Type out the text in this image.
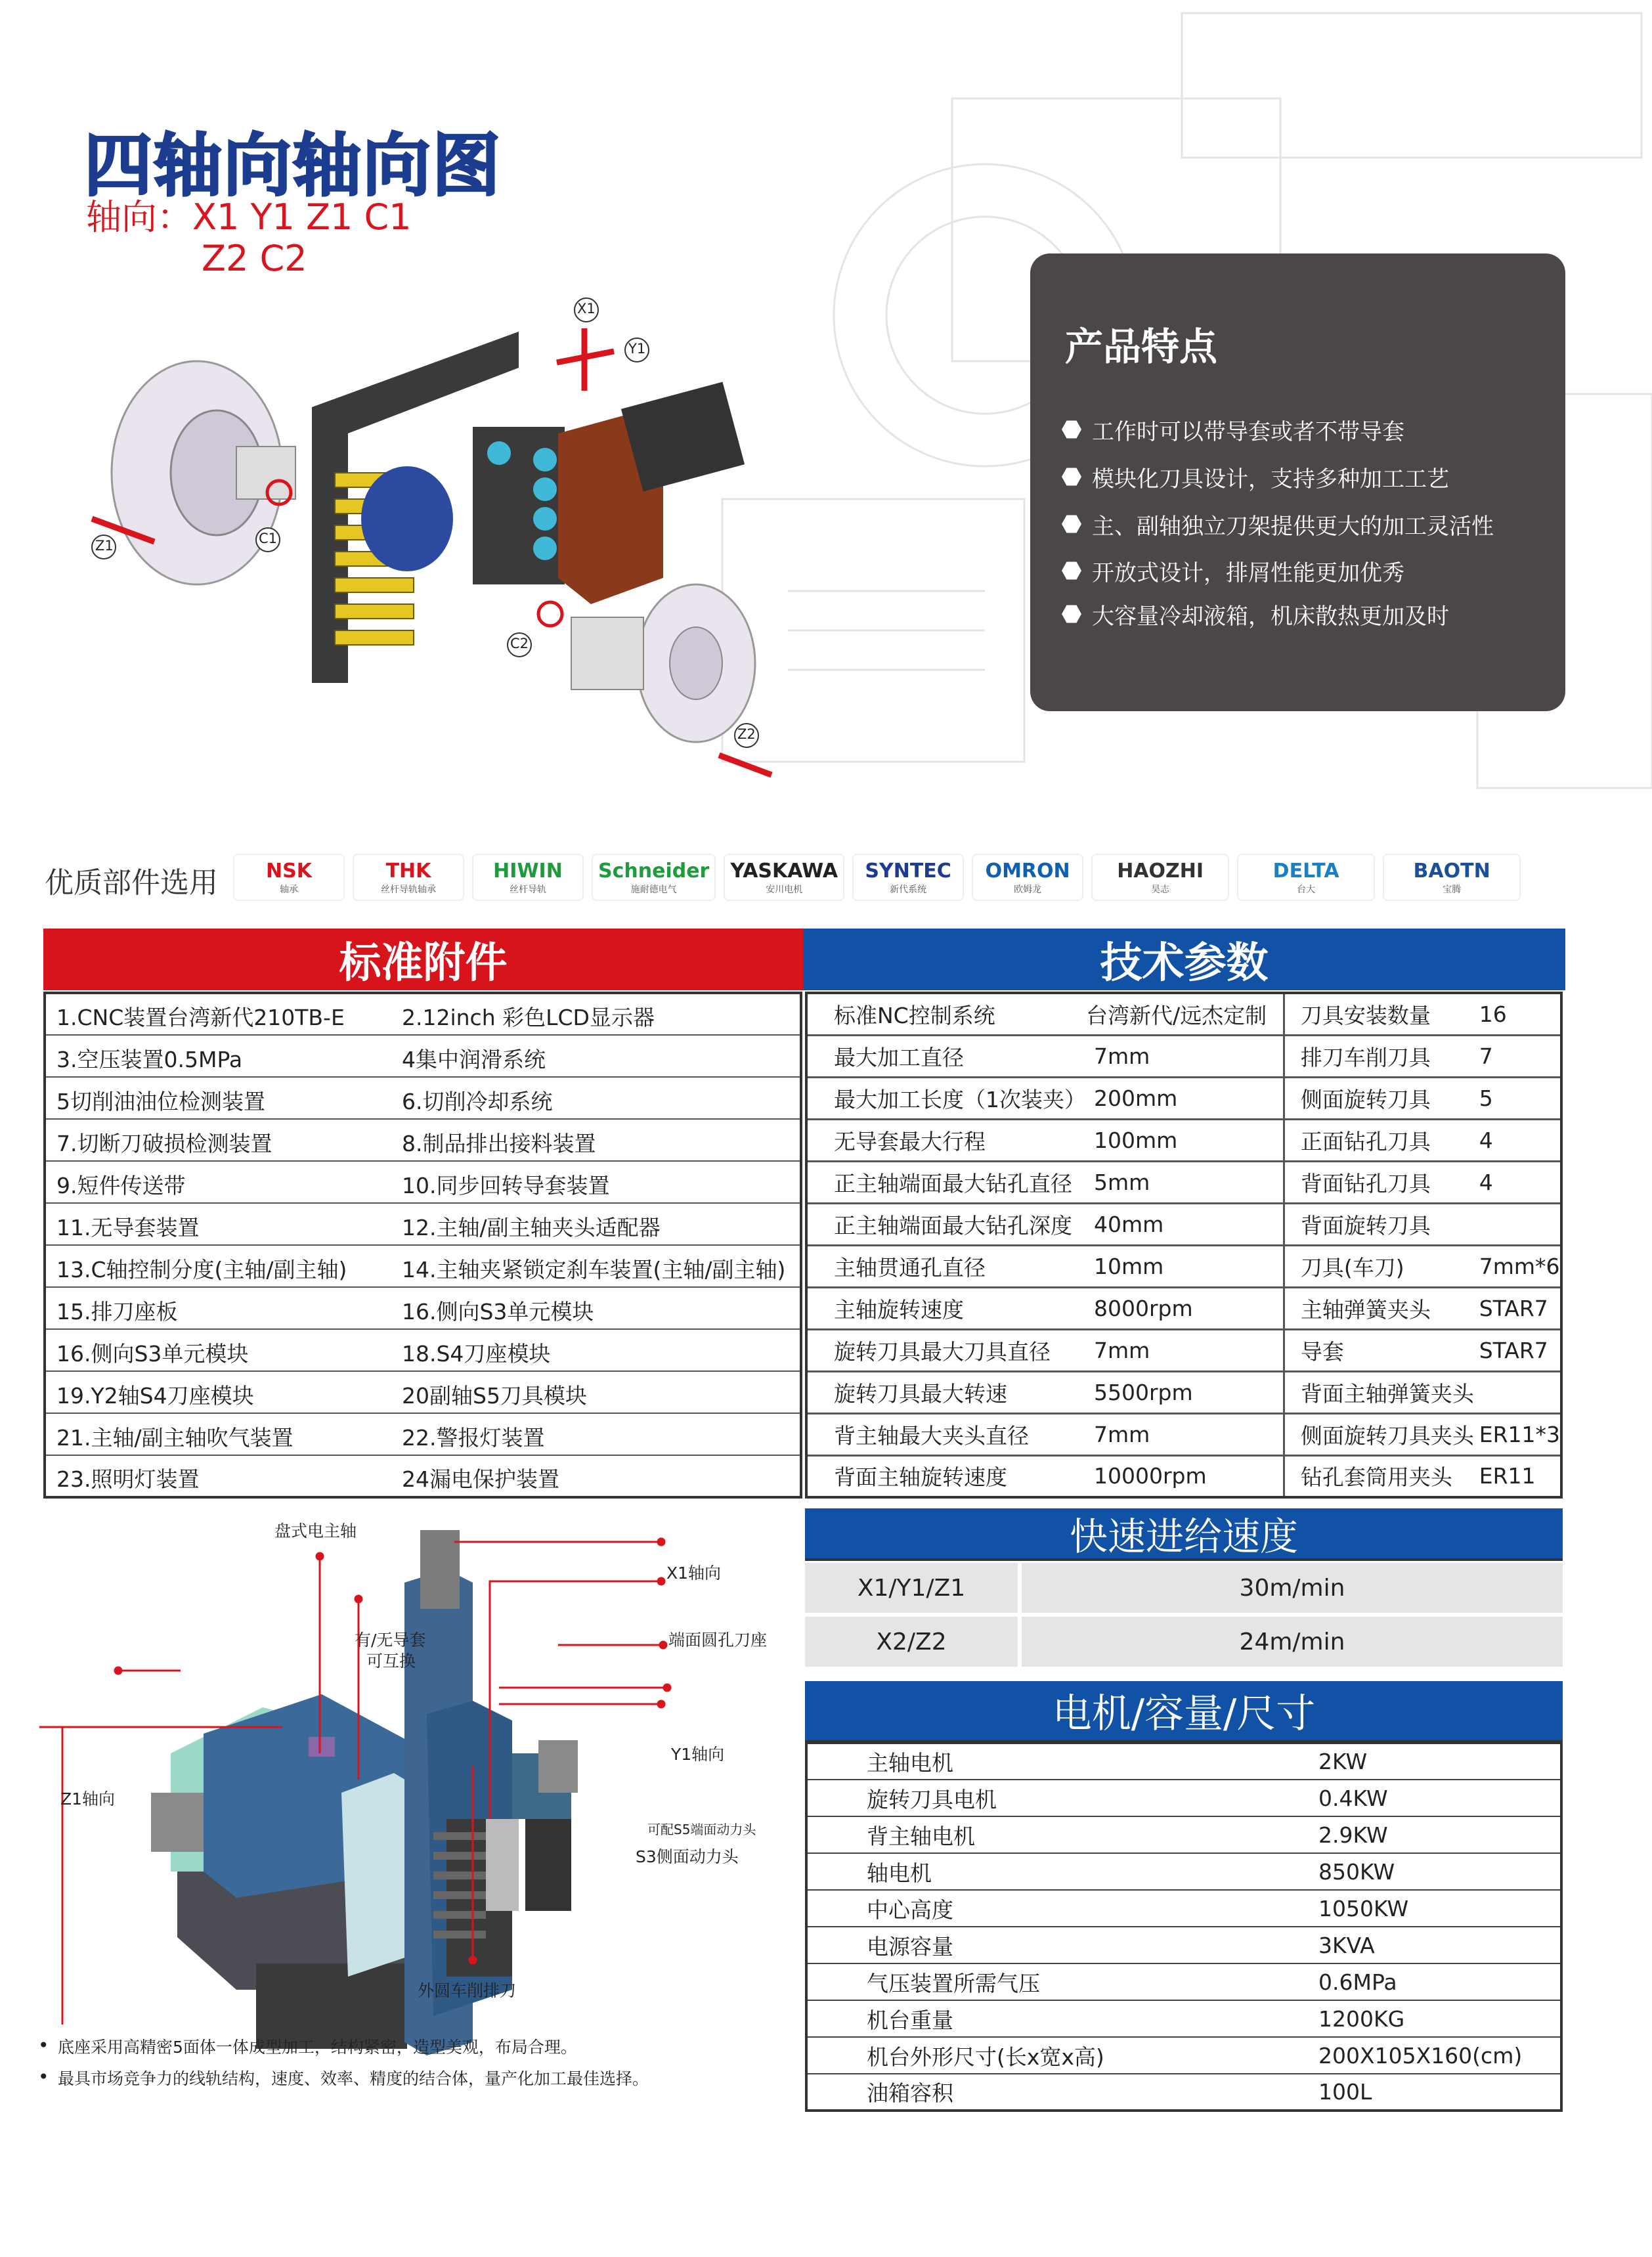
X1
Y1
Z1	C1
C2
Z2
四轴向轴向图
轴向：X1 Y1 Z1 C1
Z2 C2
产品特点
工作时可以带导套或者不带导套
模块化刀具设计，支持多种加工工艺
主、副轴独立刀架提供更大的加工灵活性
开放式设计，排屑性能更加优秀
大容量冷却液箱，机床散热更加及时
优质部件选用 NSK
轴承
THK
丝杆导轨轴承
HIWIN
丝杆导轨
Schneider
施耐德电气
YASKAWA
安川电机
SYNTEC
新代系统
OMRON
欧姆龙
HAOZHI
昊志
DELTA
台大
BAOTN
宝腾
标准附件	技术参数
1.CNC装置台湾新代210TB-E	2.12inch 彩色LCD显示器
3.空压装置0.5MPa	4集中润滑系统
5切削油油位检测装置	6.切削冷却系统
7.切断刀破损检测装置	8.制品排出接料装置
9.短件传送带	10.同步回转导套装置
11.无导套装置	12.主轴/副主轴夹头适配器
13.C轴控制分度(主轴/副主轴)	14.主轴夹紧锁定刹车装置(主轴/副主轴)
15.排刀座板	16.侧向S3单元模块
16.侧向S3单元模块	18.S4刀座模块
19.Y2轴S4刀座模块	20副轴S5刀具模块
21.主轴/副主轴吹气装置	22.警报灯装置
23.照明灯装置	24漏电保护装置
标准NC控制系统	台湾新代/远杰定制	刀具安装数量	16
最大加工直径	7mm	排刀车削刀具	7
最大加工长度（1次装夹）	200mm	侧面旋转刀具	5
无导套最大行程	100mm	正面钻孔刀具	4
正主轴端面最大钻孔直径	5mm	背面钻孔刀具	4
正主轴端面最大钻孔深度	40mm	背面旋转刀具	
主轴贯通孔直径	10mm	刀具(车刀)	7mm*6
主轴旋转速度	8000rpm	主轴弹簧夹头	STAR7
旋转刀具最大刀具直径	7mm	导套	STAR7
旋转刀具最大转速	5500rpm	背面主轴弹簧夹头	
背主轴最大夹头直径	7mm	侧面旋转刀具夹头	ER11*3
背面主轴旋转速度	10000rpm	钻孔套筒用夹头	ER11
快速进给速度
X1/Y1/Z1	30m/min
X2/Z2	24m/min
电机/容量/尺寸
主轴电机	2KW
旋转刀具电机	0.4KW
背主轴电机	2.9KW
轴电机	850KW
中心高度	1050KW
电源容量	3KVA
气压装置所需气压	0.6MPa
机台重量	1200KG
机台外形尺寸(长x宽x高)	200X105X160(cm)
油箱容积	100L
盘式电主轴
X1轴向
有/无导套
可互换
端面圆孔刀座
Y1轴向
Z1轴向
可配S5端面动力头
S3侧面动力头
外圆车削排刀
• 底座采用高精密5面体一体成型加工，结构紧密，造型美观，布局合理。
• 最具市场竞争力的线轨结构，速度、效率、精度的结合体，量产化加工最佳选择。
